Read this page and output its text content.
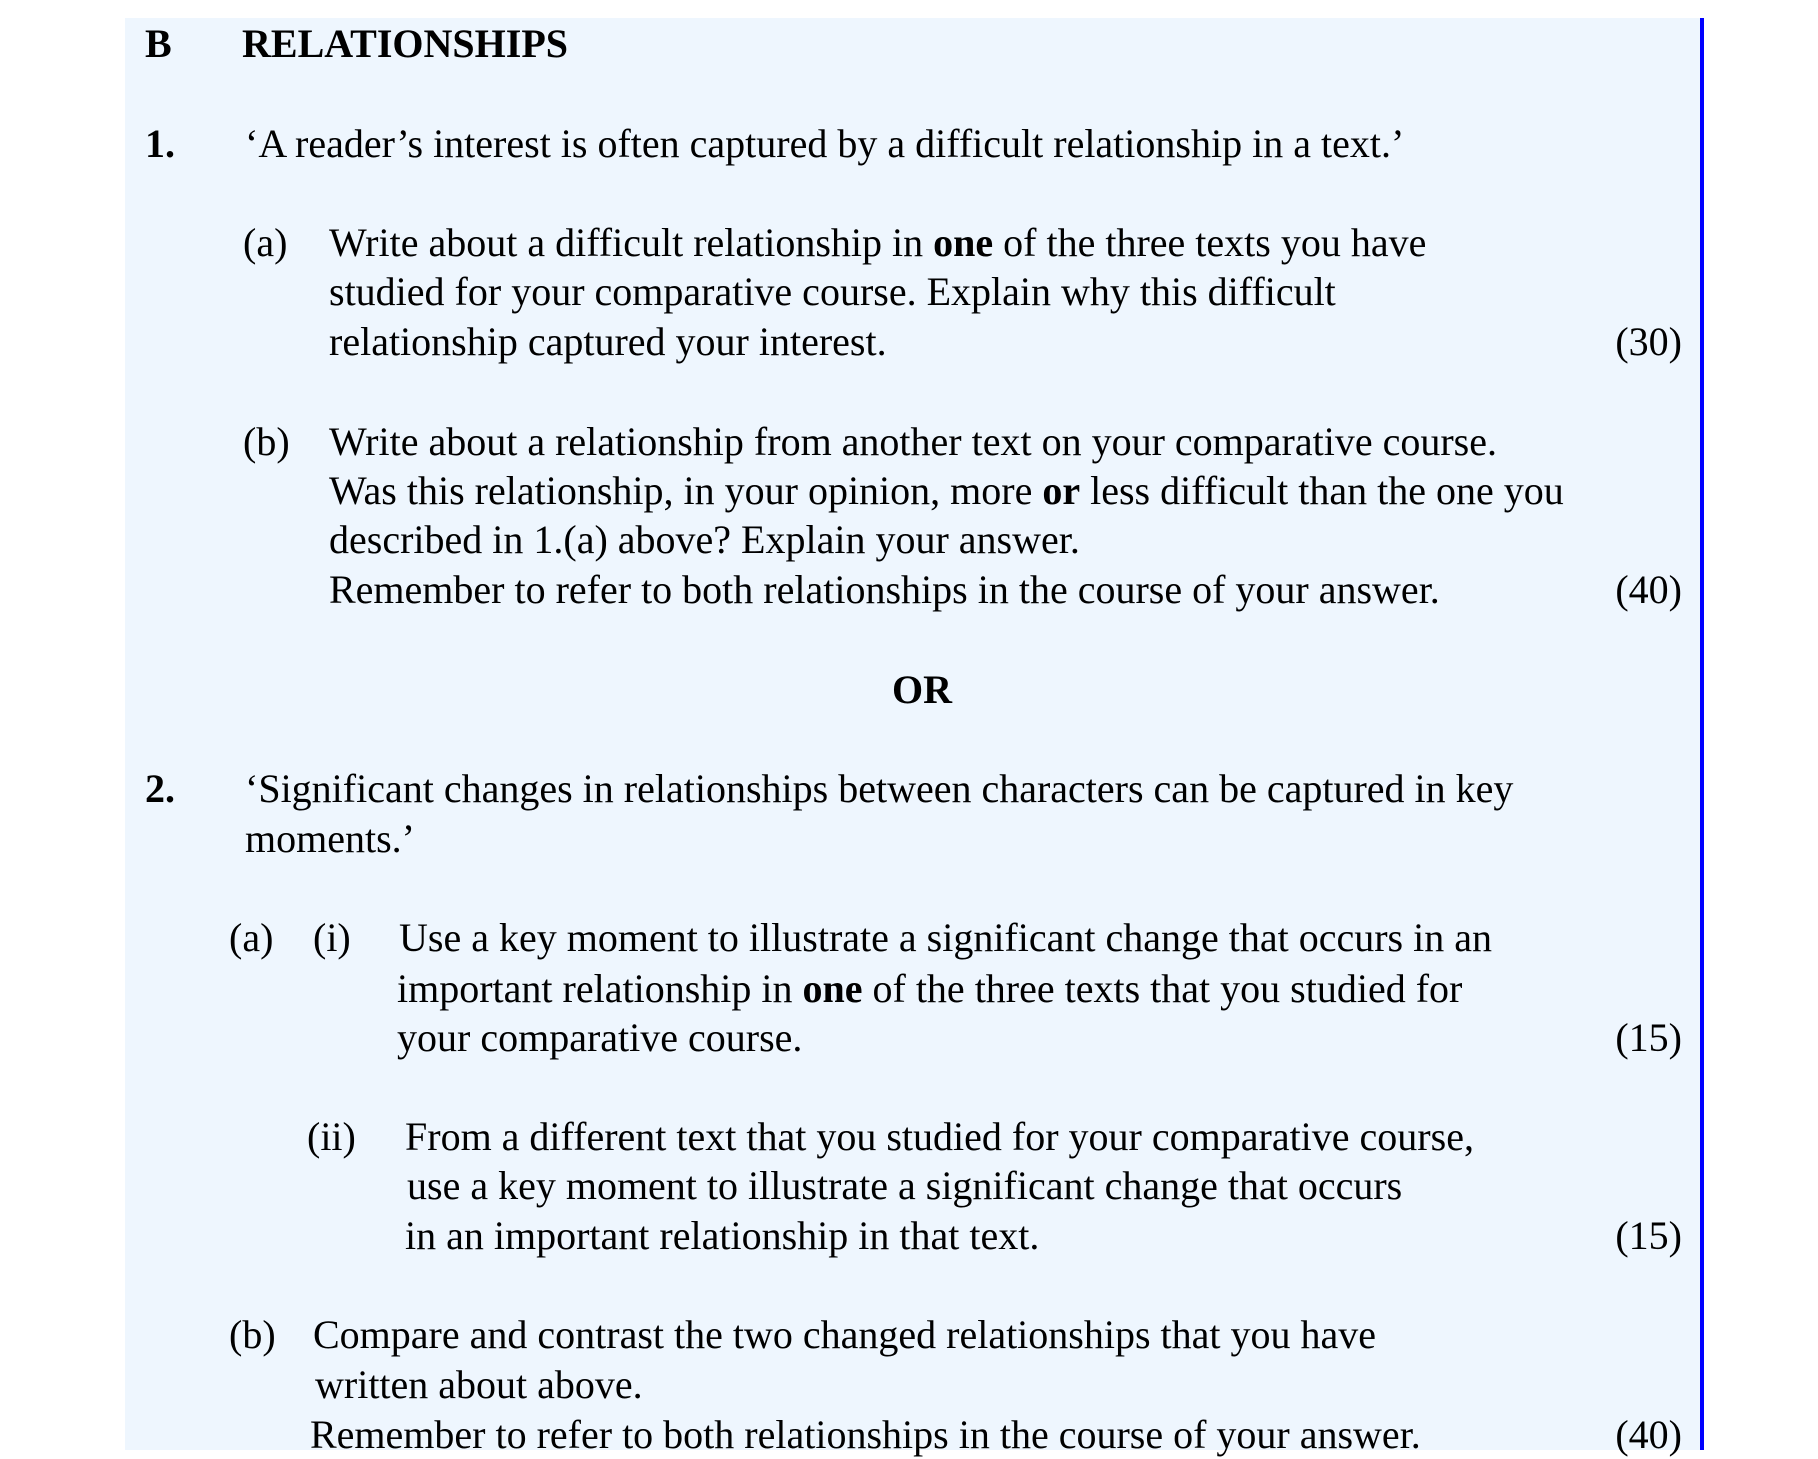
B RELATIONSHIPS
1. ‘A reader’s interest is often captured by a difficult relationship in a text.’
(a) Write about a difficult relationship in one of the three texts you have
studied for your comparative course. Explain why this difficult
relationship captured your interest.	(30)
(b) Write about a relationship from another text on your comparative course.
Was this relationship, in your opinion, more or less difficult than the one you
described in 1.(a) above? Explain your answer.
Remember to refer to both relationships in the course of your answer.	(40)
OR
2. ‘Significant changes in relationships between characters can be captured in key
moments.’
(a) (i) Use a key moment to illustrate a significant change that occurs in an
important relationship in one of the three texts that you studied for
your comparative course.	(15)
(ii) From a different text that you studied for your comparative course,
use a key moment to illustrate a significant change that occurs
in an important relationship in that text.	(15)
(b) Compare and contrast the two changed relationships that you have
written about above.
Remember to refer to both relationships in the course of your answer.	(40)
